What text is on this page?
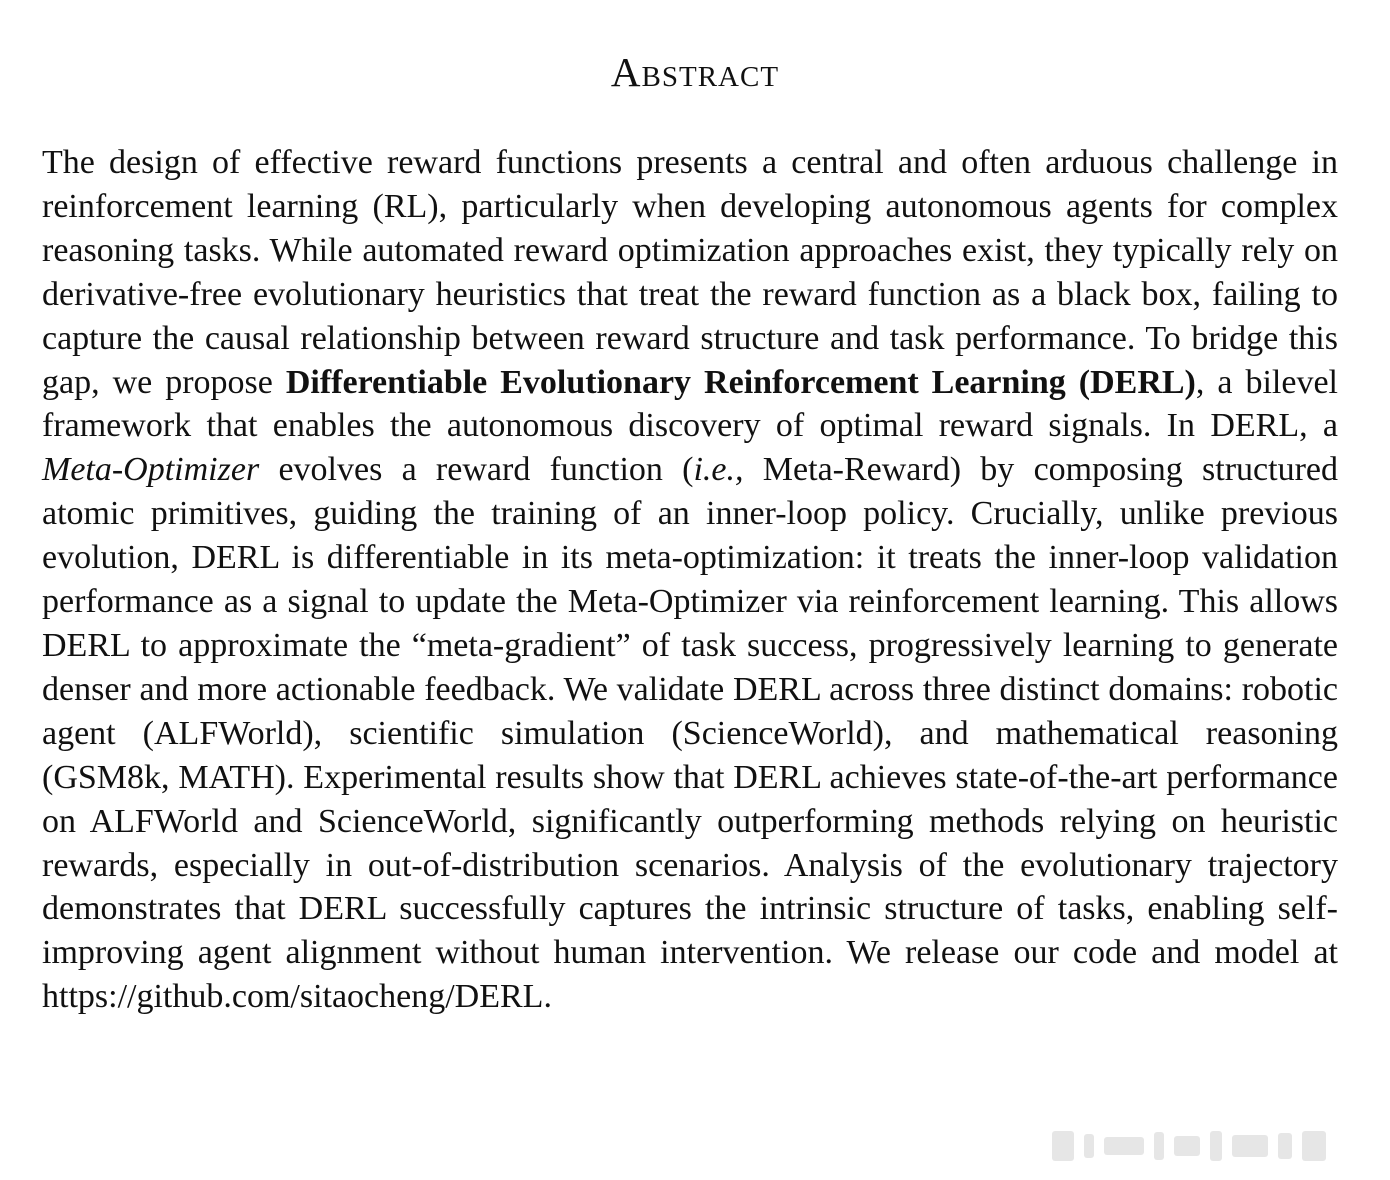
Abstract

The design of effective reward functions presents a central and often arduous challenge in reinforcement learning (RL), particularly when developing autonomous agents for complex reasoning tasks. While automated reward optimization approaches exist, they typically rely on derivative-free evolutionary heuristics that treat the reward function as a black box, failing to capture the causal relationship between reward structure and task performance. To bridge this gap, we propose Differentiable Evolutionary Reinforcement Learning (DERL), a bilevel framework that enables the autonomous discovery of optimal reward signals. In DERL, a Meta-Optimizer evolves a reward function (i.e., Meta-Reward) by composing structured atomic primitives, guiding the training of an inner-loop policy. Crucially, unlike previous evolution, DERL is differentiable in its meta-optimization: it treats the inner-loop validation performance as a signal to update the Meta-Optimizer via reinforcement learning. This allows DERL to approximate the “meta-gradient” of task success, progressively learning to generate denser and more actionable feedback. We validate DERL across three distinct domains: robotic agent (ALFWorld), scientific simulation (ScienceWorld), and mathematical reasoning (GSM8k, MATH). Experimental results show that DERL achieves state-of-the-art performance on ALFWorld and ScienceWorld, significantly outperforming methods relying on heuristic rewards, especially in out-of-distribution scenarios. Analysis of the evolutionary trajectory demonstrates that DERL successfully captures the intrinsic structure of tasks, enabling self-improving agent alignment without human intervention. We release our code and model at https://github.com/sitaocheng/DERL.
